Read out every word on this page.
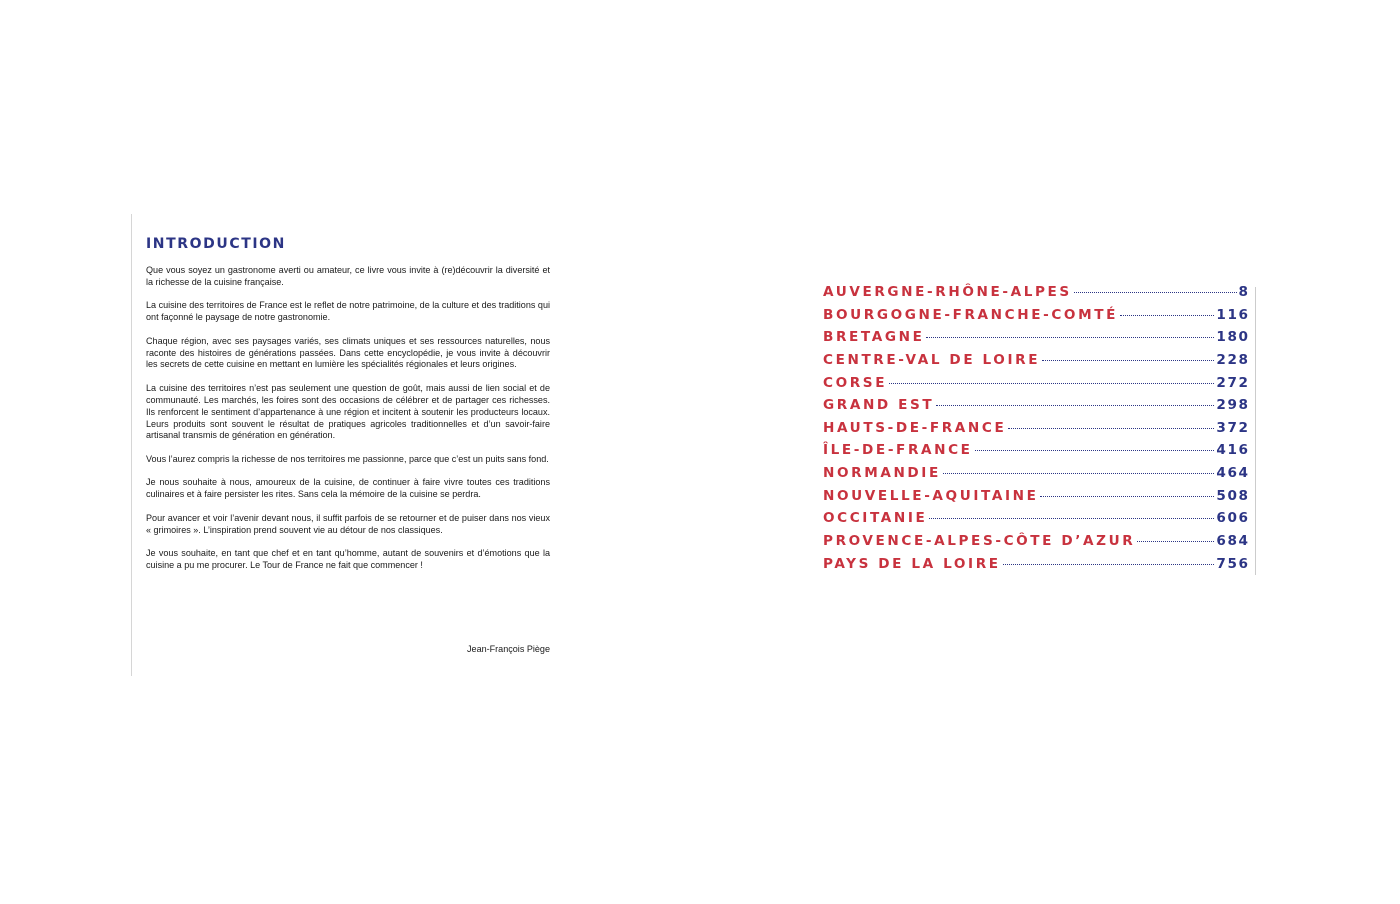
INTRODUCTION

Que vous soyez un gastronome averti ou amateur, ce livre vous invite à (re)découvrir la diversité et la richesse de la cuisine française.

La cuisine des territoires de France est le reflet de notre patrimoine, de la culture et des traditions qui ont façonné le paysage de notre gastronomie.

Chaque région, avec ses paysages variés, ses climats uniques et ses ressources naturelles, nous raconte des histoires de générations passées. Dans cette encyclopédie, je vous invite à découvrir les secrets de cette cuisine en mettant en lumière les spécialités régionales et leurs origines.

La cuisine des territoires n’est pas seulement une question de goût, mais aussi de lien social et de communauté. Les marchés, les foires sont des occasions de célébrer et de partager ces richesses. Ils renforcent le sentiment d’appartenance à une région et incitent à soutenir les producteurs locaux. Leurs produits sont souvent le résultat de pratiques agricoles traditionnelles et d’un savoir-faire artisanal transmis de génération en génération.

Vous l’aurez compris la richesse de nos territoires me passionne, parce que c’est un puits sans fond.

Je nous souhaite à nous, amoureux de la cuisine, de continuer à faire vivre toutes ces traditions culinaires et à faire persister les rites. Sans cela la mémoire de la cuisine se perdra.

Pour avancer et voir l’avenir devant nous, il suffit parfois de se retourner et de puiser dans nos vieux « grimoires ». L’inspiration prend souvent vie au détour de nos classiques.

Je vous souhaite, en tant que chef et en tant qu’homme, autant de souvenirs et d’émotions que la cuisine a pu me procurer. Le Tour de France ne fait que commencer !

Jean-François Piège
AUVERGNE-RHÔNE-ALPES	8
BOURGOGNE-FRANCHE-COMTÉ	116
BRETAGNE	180
CENTRE-VAL DE LOIRE	228
CORSE	272
GRAND EST	298
HAUTS-DE-FRANCE	372
ÎLE-DE-FRANCE	416
NORMANDIE	464
NOUVELLE-AQUITAINE	508
OCCITANIE	606
PROVENCE-ALPES-CÔTE D’AZUR	684
PAYS DE LA LOIRE	756
